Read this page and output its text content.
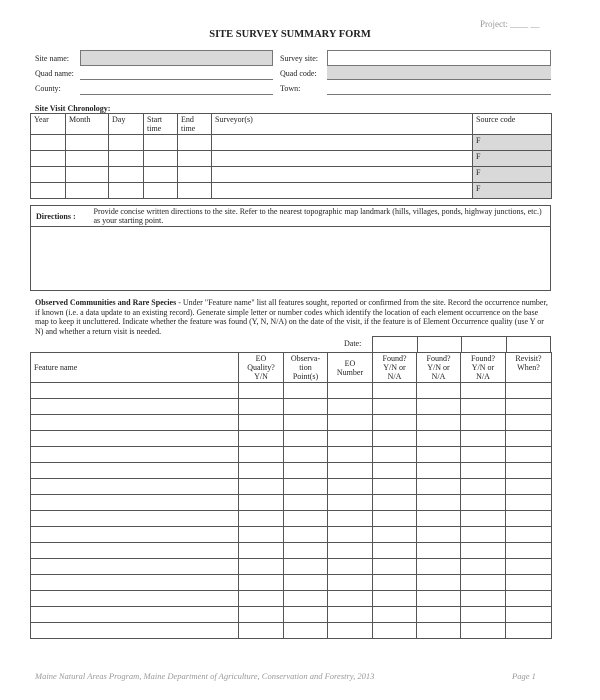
Project: ____ __
SITE SURVEY SUMMARY FORM
Site name:	Survey site:
Quad name:	Quad code:
County:	Town:
Site Visit Chronology:
Year	Month	Day	Start time	End time	Surveyor(s)	Source code
						F
						F
						F
						F
Directions :	Provide concise written directions to the site. Refer to the nearest topographic map landmark (hills, villages, ponds, highway junctions, etc.) as your starting point.

Observed Communities and Rare Species - Under "Feature name" list all features sought, reported or confirmed from the site. Record the occurrence number, if known (i.e. a data update to an existing record). Generate simple letter or number codes which identify the location of each element occurrence on the base map to keep it uncluttered. Indicate whether the feature was found (Y, N, N/A) on the date of the visit, if the feature is of Element Occurrence quality (use Y or N) and whether a return visit is needed.
Date:

Feature name	EO Quality? Y/N	Observa-tion Point(s)	EO Number	Found? Y/N or N/A	Found? Y/N or N/A	Found? Y/N or N/A	Revisit? When?

Maine Natural Areas Program, Maine Department of Agriculture, Conservation and Forestry, 2013	Page 1
